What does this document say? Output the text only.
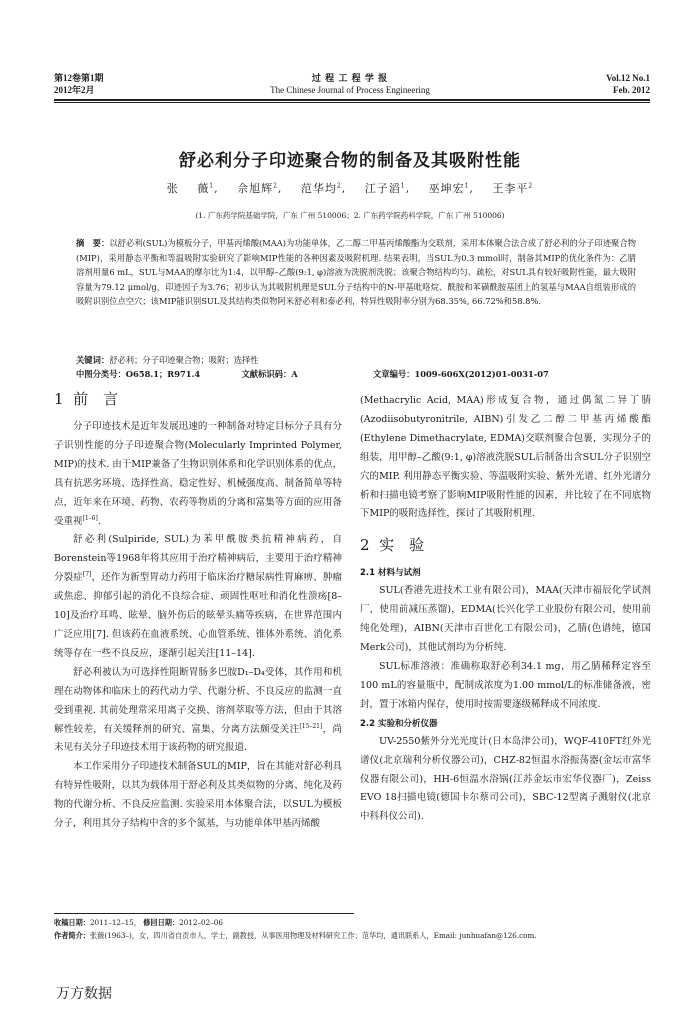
第12卷第1期
2012年2月
过 程 工 程 学 报
The Chinese Journal of Process Engineering
Vol.12 No.1
Feb. 2012
舒必利分子印迹聚合物的制备及其吸附性能
张 薇$^1$, 佘旭辉$^2$, 范华均$^2$, 江子滔$^1$, 巫坤宏$^1$, 王李平$^2$
(1. 广东药学院基础学院，广东 广州 510006；2. 广东药学院药科学院，广东 广州 510006)
摘　要：以舒必利(SUL)为模板分子，甲基丙烯酸(MAA)为功能单体，乙二醇二甲基丙烯酸酯为交联剂，采用本体聚合法合成了舒必利的分子印迹聚合物(MIP)，采用静态平衡和等温吸附实验研究了影响MIP性能的各种因素及吸附机理. 结果表明，当SUL为0.3 mmol时，制备其MIP的优化条件为：乙腈溶剂用量6 mL，SUL与MAA的摩尔比为1:4，以甲醇–乙酸(9:1, φ)溶液为洗脱剂洗脱；该聚合物结构均匀、疏松，对SUL具有较好吸附性能，最大吸附容量为79.12 μmol/g，印迹因子为3.76；初步认为其吸附机理是SUL分子结构中的N-甲基吡咯烷、酰胺和苯磺酰胺基团上的氢基与MAA自组装形成的吸附识别位点空穴；该MIP能识别SUL及其结构类似物阿米舒必利和泰必利，特异性吸附率分别为68.35%, 66.72%和58.8%.
关键词：舒必利；分子印迹聚合物；吸附；选择性
中图分类号：O658.1；R971.4	文献标识码：A	文章编号：1009-606X(2012)01-0031-07
1 前　言

分子印迹技术是近年发展迅速的一种制备对特定目标分子具有分子识别性能的分子印迹聚合物(Molecularly Imprinted Polymer, MIP)的技术. 由于MIP兼备了生物识别体系和化学识别体系的优点，具有抗恶劣环境、选择性高、稳定性好、机械强度高、制备简单等特点，近年来在环境、药物、农药等物质的分离和富集等方面的应用备受重视[1–6].

舒必利(Sulpiride, SUL)为苯甲酰胺类抗精神病药，自Borenstein等1968年将其应用于治疗精神病后，主要用于治疗精神分裂症[7]，还作为新型胃动力药用于临床治疗糖尿病性胃麻痹、肿瘤或焦虑、抑郁引起的消化不良综合症、顽固性呕吐和消化性溃疡[8–10]及治疗耳鸣、眩晕、脑外伤后的眩晕头痛等疾病，在世界范围内广泛应用[7]. 但该药在血液系统、心血管系统、锥体外系统、消化系统等存在一些不良反应，逐渐引起关注[11–14].

舒必利被认为可选择性阻断胃肠多巴胺D₁–D₄受体，其作用和机理在动物体和临床上的药代动力学、代谢分析、不良反应的监测一直受到重视. 其前处理常采用离子交换、溶剂萃取等方法，但由于其溶解性较差，有关缓释剂的研究、富集、分离方法颇受关注[15–21]，尚未见有关分子印迹技术用于该药物的研究报道.

本工作采用分子印迹技术制备SUL的MIP，旨在其能对舒必利具有特异性吸附，以其为载体用于舒必利及其类似物的分离、纯化及药物的代谢分析、不良反应监测. 实验采用本体聚合法，以SUL为模板分子，利用其分子结构中含的多个氮基，与功能单体甲基丙烯酸

(Methacrylic Acid, MAA)形成复合物，通过偶氮二异丁腈(Azodiisobutyronitrile, AIBN)引发乙二醇二甲基丙烯酸酯(Ethylene Dimethacrylate, EDMA)交联剂聚合包裹，实现分子的组装，用甲醇–乙酸(9:1, φ)溶液洗脱SUL后制备出含SUL分子识别空穴的MIP. 利用静态平衡实验、等温吸附实验、紫外光谱、红外光谱分析和扫描电镜考察了影响MIP吸附性能的因素，并比较了在不同底物下MIP的吸附选择性，探讨了其吸附机理.

2 实　验
2.1 材料与试剂

SUL(香港先进技术工业有限公司)，MAA(天津市福辰化学试剂厂，使用前减压蒸馏)，EDMA(长兴化学工业股份有限公司，使用前纯化处理)，AIBN(天津市百世化工有限公司)，乙腈(色谱纯，德国Merk公司)，其他试剂均为分析纯.

SUL标准溶液：准确称取舒必利34.1 mg，用乙腈稀释定容至100 mL的容量瓶中，配制成浓度为1.00 mmol/L的标准储备液，密封，置于冰箱内保存，使用时按需要逐级稀释成不同浓度.

2.2 实验和分析仪器

UV-2550紫外分光光度计(日本岛津公司)，WQF-410FT红外光谱仪(北京瑞利分析仪器公司)，CHZ-82恒温水浴振荡器(金坛市富华仪器有限公司)，HH-6恒温水浴锅(江苏金坛市宏华仪器厂)，Zeiss EVO 18扫描电镜(德国卡尔蔡司公司)，SBC-12型离子溅射仪(北京中科科仪公司).

收稿日期：2011–12–15， 修回日期：2012–02–06
作者简介：张薇(1963–)，女，四川省自贡市人，学士，副教授，从事医用物理及材料研究工作；范华均，通讯联系人，Email: junhuafan@126.com.
万方数据
